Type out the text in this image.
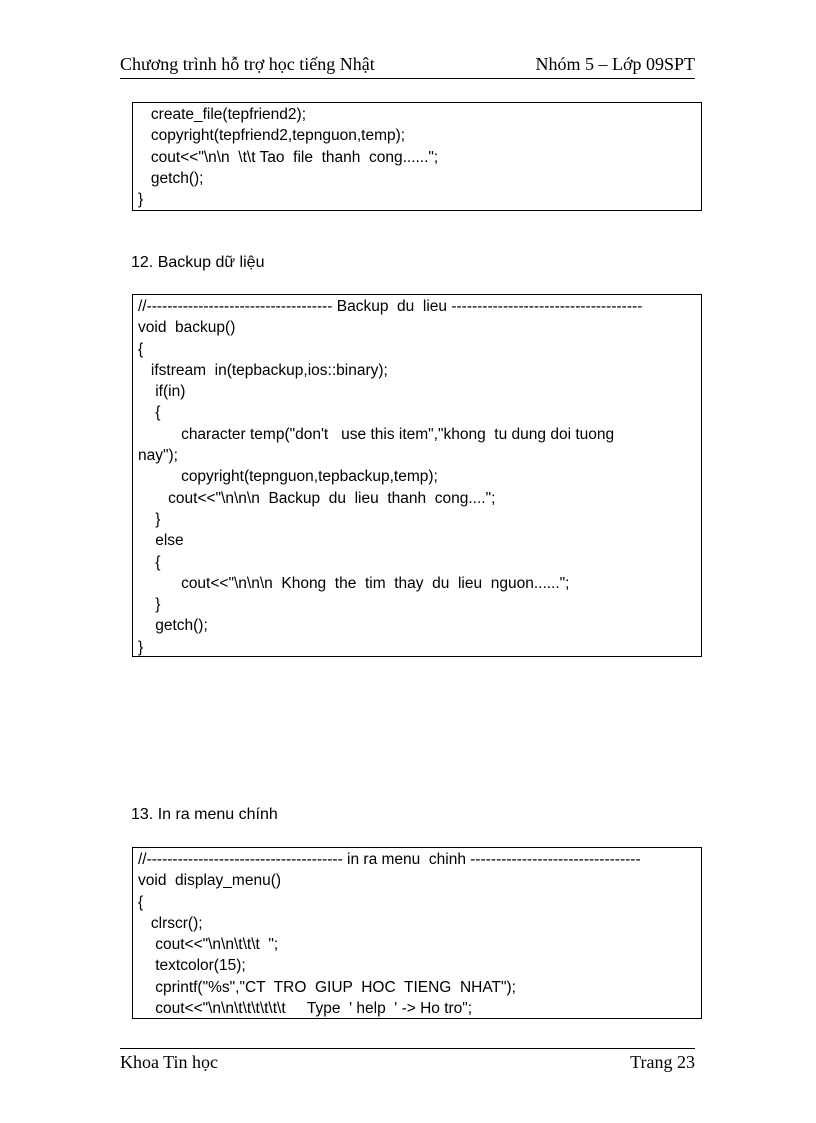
Chương trình hỗ trợ học tiếng Nhật	Nhóm 5 – Lớp 09SPT
create_file(tepfriend2);
copyright(tepfriend2,tepnguon,temp);
cout<<"\n\n  \t\t Tao  file  thanh  cong......";
getch();
}
12. Backup dữ liệu
//------------------------------------ Backup  du  lieu -------------------------------------
void  backup()
{
ifstream  in(tepbackup,ios::binary);
if(in)
{
character temp("don't   use this item","khong  tu dung doi tuong
nay");
copyright(tepnguon,tepbackup,temp);
cout<<"\n\n\n  Backup  du  lieu  thanh  cong....";
}
else
{
cout<<"\n\n\n  Khong  the  tim  thay  du  lieu  nguon......";
}
getch();
}
13. In ra menu chính
//-------------------------------------- in ra menu  chinh ---------------------------------
void  display_menu()
{
clrscr();
cout<<"\n\n\t\t\t  ";
textcolor(15);
cprintf("%s","CT  TRO  GIUP  HOC  TIENG  NHAT");
cout<<"\n\n\t\t\t\t\t\t     Type  ' help  ' -> Ho tro";
Khoa Tin học	Trang 23
